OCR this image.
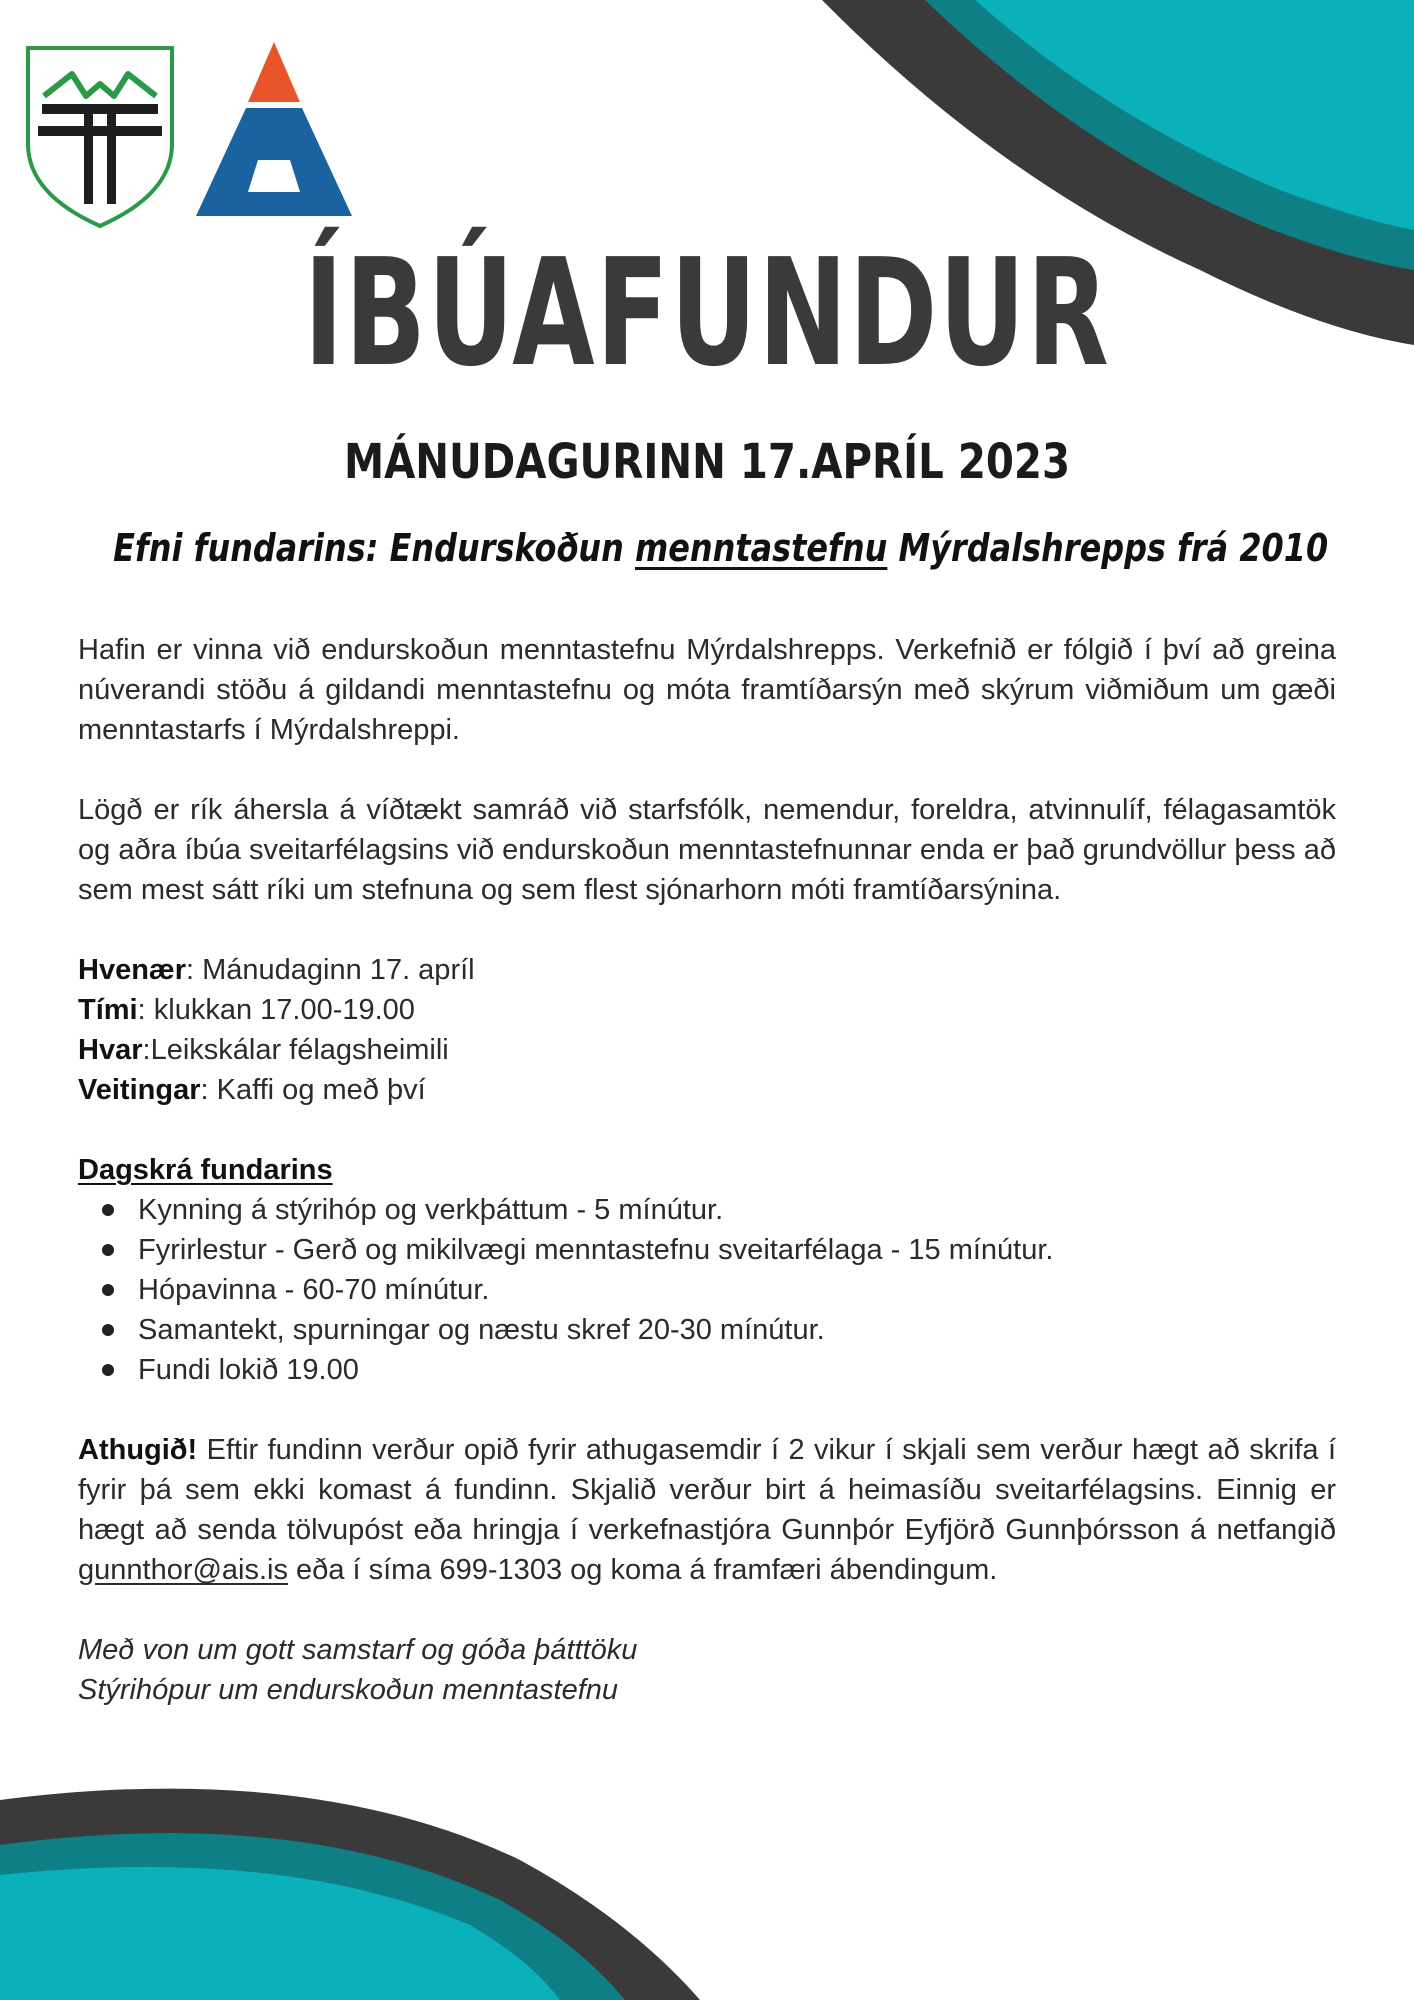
ÍBÚAFUNDUR
MÁNUDAGURINN 17.APRÍL 2023
Efni fundarins: Endurskoðun menntastefnu Mýrdalshrepps frá 2010

Hafin er vinna við endurskoðun menntastefnu Mýrdalshrepps. Verkefnið er fólgið í því að greina núverandi stöðu á gildandi menntastefnu og móta framtíðarsýn með skýrum viðmiðum um gæði menntastarfs í Mýrdalshreppi.

Lögð er rík áhersla á víðtækt samráð við starfsfólk, nemendur, foreldra, atvinnulíf, félagasamtök og aðra íbúa sveitarfélagsins við endurskoðun menntastefnunnar enda er það grundvöllur þess að sem mest sátt ríki um stefnuna og sem flest sjónarhorn móti framtíðarsýnina.

Hvenær: Mánudaginn 17. apríl
Tími: klukkan 17.00-19.00
Hvar:Leikskálar félagsheimili
Veitingar: Kaffi og með því
Dagskrá fundarins
Kynning á stýrihóp og verkþáttum - 5 mínútur.
Fyrirlestur - Gerð og mikilvægi menntastefnu sveitarfélaga - 15 mínútur.
Hópavinna - 60-70 mínútur.
Samantekt, spurningar og næstu skref 20-30 mínútur.
Fundi lokið 19.00

Athugið! Eftir fundinn verður opið fyrir athugasemdir í 2 vikur í skjali sem verður hægt að skrifa í fyrir þá sem ekki komast á fundinn. Skjalið verður birt á heimasíðu sveitarfélagsins. Einnig er hægt að senda tölvupóst eða hringja í verkefnastjóra Gunnþór Eyfjörð Gunnþórsson á netfangið gunnthor@ais.is eða í síma 699-1303 og koma á framfæri ábendingum.

Með von um gott samstarf og góða þátttöku

Stýrihópur um endurskoðun menntastefnu
